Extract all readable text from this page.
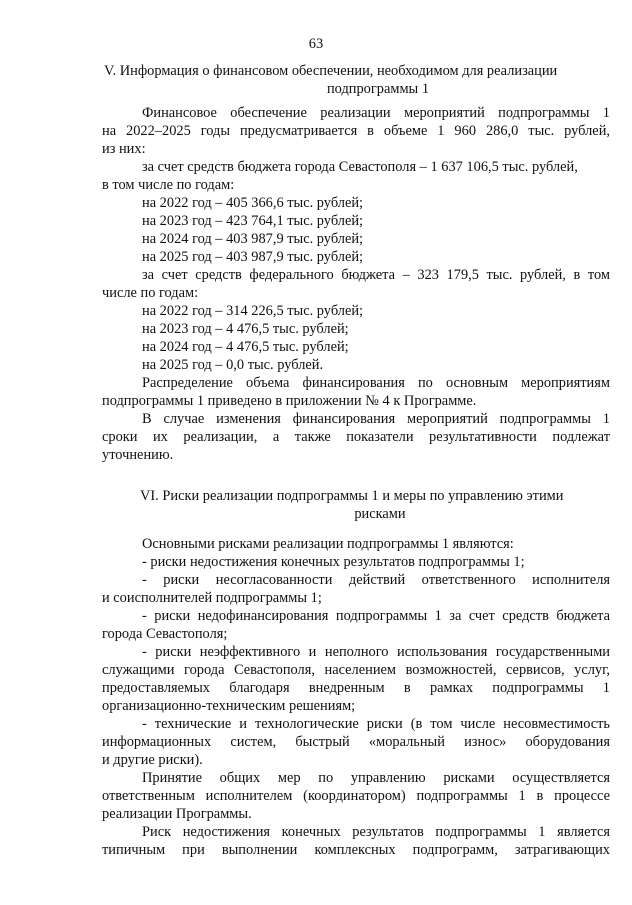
63
V. Информация о финансовом обеспечении, необходимом для реализации
подпрограммы 1
Финансовое обеспечение реализации мероприятий подпрограммы 1
на 2022–2025 годы предусматривается в объеме 1 960 286,0 тыс. рублей,
из них:
за счет средств бюджета города Севастополя – 1 637 106,5 тыс. рублей,
в том числе по годам:
на 2022 год – 405 366,6 тыс. рублей;
на 2023 год – 423 764,1 тыс. рублей;
на 2024 год – 403 987,9 тыс. рублей;
на 2025 год – 403 987,9 тыс. рублей;
за счет средств федерального бюджета – 323 179,5 тыс. рублей, в том
числе по годам:
на 2022 год – 314 226,5 тыс. рублей;
на 2023 год – 4 476,5 тыс. рублей;
на 2024 год – 4 476,5 тыс. рублей;
на 2025 год – 0,0 тыс. рублей.
Распределение объема финансирования по основным мероприятиям
подпрограммы 1 приведено в приложении № 4 к Программе.
В случае изменения финансирования мероприятий подпрограммы 1
сроки их реализации, а также показатели результативности подлежат
уточнению.
VI. Риски реализации подпрограммы 1 и меры по управлению этими
рисками
Основными рисками реализации подпрограммы 1 являются:
- риски недостижения конечных результатов подпрограммы 1;
- риски несогласованности действий ответственного исполнителя
и соисполнителей подпрограммы 1;
- риски недофинансирования подпрограммы 1 за счет средств бюджета
города Севастополя;
- риски неэффективного и неполного использования государственными
служащими города Севастополя, населением возможностей, сервисов, услуг,
предоставляемых благодаря внедренным в рамках подпрограммы 1
организационно-техническим решениям;
- технические и технологические риски (в том числе несовместимость
информационных систем, быстрый «моральный износ» оборудования
и другие риски).
Принятие общих мер по управлению рисками осуществляется
ответственным исполнителем (координатором) подпрограммы 1 в процессе
реализации Программы.
Риск недостижения конечных результатов подпрограммы 1 является
типичным при выполнении комплексных подпрограмм, затрагивающих
